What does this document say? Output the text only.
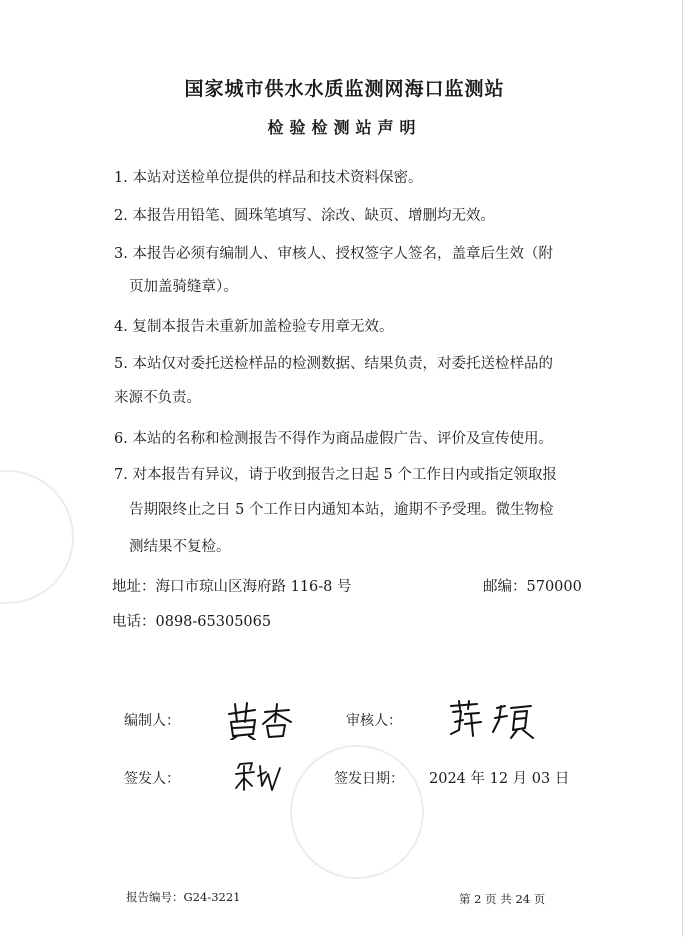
国家城市供水水质监测网海口监测站
检验检测站声明
1. 本站对送检单位提供的样品和技术资料保密。
2. 本报告用铅笔、圆珠笔填写、涂改、缺页、增删均无效。
3. 本报告必须有编制人、审核人、授权签字人签名，盖章后生效（附
页加盖骑缝章）。
4. 复制本报告未重新加盖检验专用章无效。
5. 本站仅对委托送检样品的检测数据、结果负责，对委托送检样品的
来源不负责。
6. 本站的名称和检测报告不得作为商品虚假广告、评价及宣传使用。
7. 对本报告有异议，请于收到报告之日起 5 个工作日内或指定领取报
告期限终止之日 5 个工作日内通知本站，逾期不予受理。微生物检
测结果不复检。
地址：海口市琼山区海府路 116-8 号	邮编：570000
电话：0898-65305065
编制人：	审核人：
签发人：	签发日期： 2024 年 12 月 03 日
报告编号：G24-3221	第 2 页 共 24 页
